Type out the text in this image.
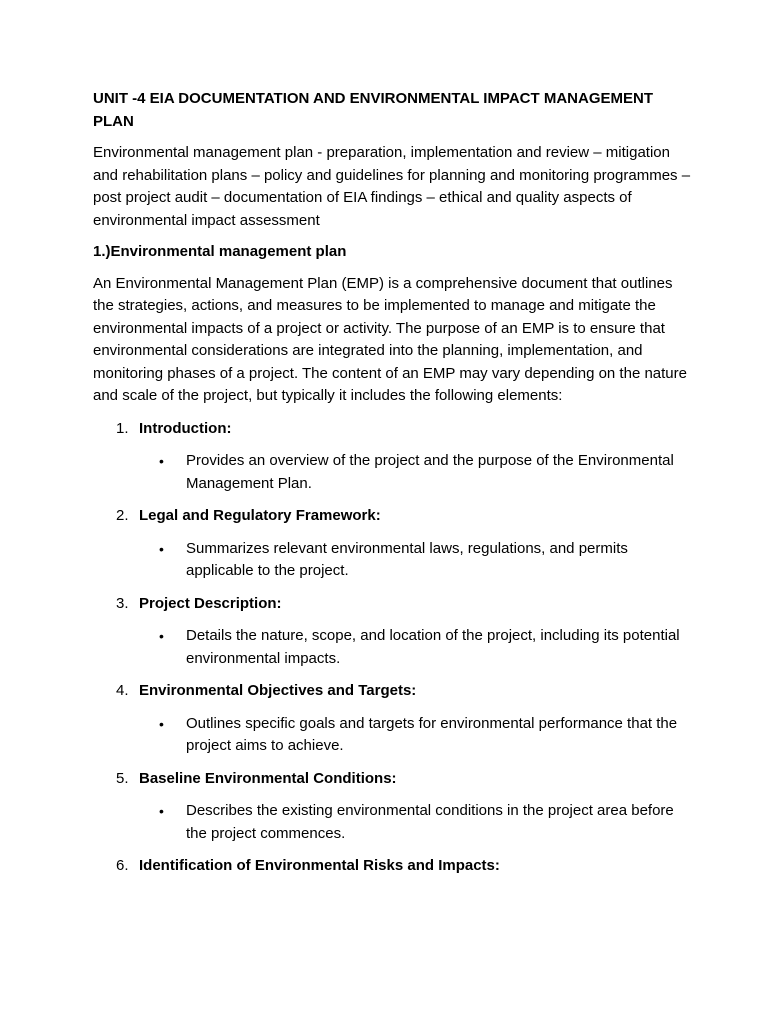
UNIT -4 EIA DOCUMENTATION AND ENVIRONMENTAL IMPACT MANAGEMENT PLAN
Environmental management plan - preparation, implementation and review – mitigation and rehabilitation plans – policy and guidelines for planning and monitoring programmes – post project audit – documentation of EIA findings – ethical and quality aspects of environmental impact assessment
1.)Environmental management plan
An Environmental Management Plan (EMP) is a comprehensive document that outlines the strategies, actions, and measures to be implemented to manage and mitigate the environmental impacts of a project or activity. The purpose of an EMP is to ensure that environmental considerations are integrated into the planning, implementation, and monitoring phases of a project. The content of an EMP may vary depending on the nature and scale of the project, but typically it includes the following elements:
1. Introduction:
•	Provides an overview of the project and the purpose of the Environmental Management Plan.
2. Legal and Regulatory Framework:
•	Summarizes relevant environmental laws, regulations, and permits applicable to the project.
3. Project Description:
•	Details the nature, scope, and location of the project, including its potential environmental impacts.
4. Environmental Objectives and Targets:
•	Outlines specific goals and targets for environmental performance that the project aims to achieve.
5. Baseline Environmental Conditions:
•	Describes the existing environmental conditions in the project area before the project commences.
6. Identification of Environmental Risks and Impacts:
